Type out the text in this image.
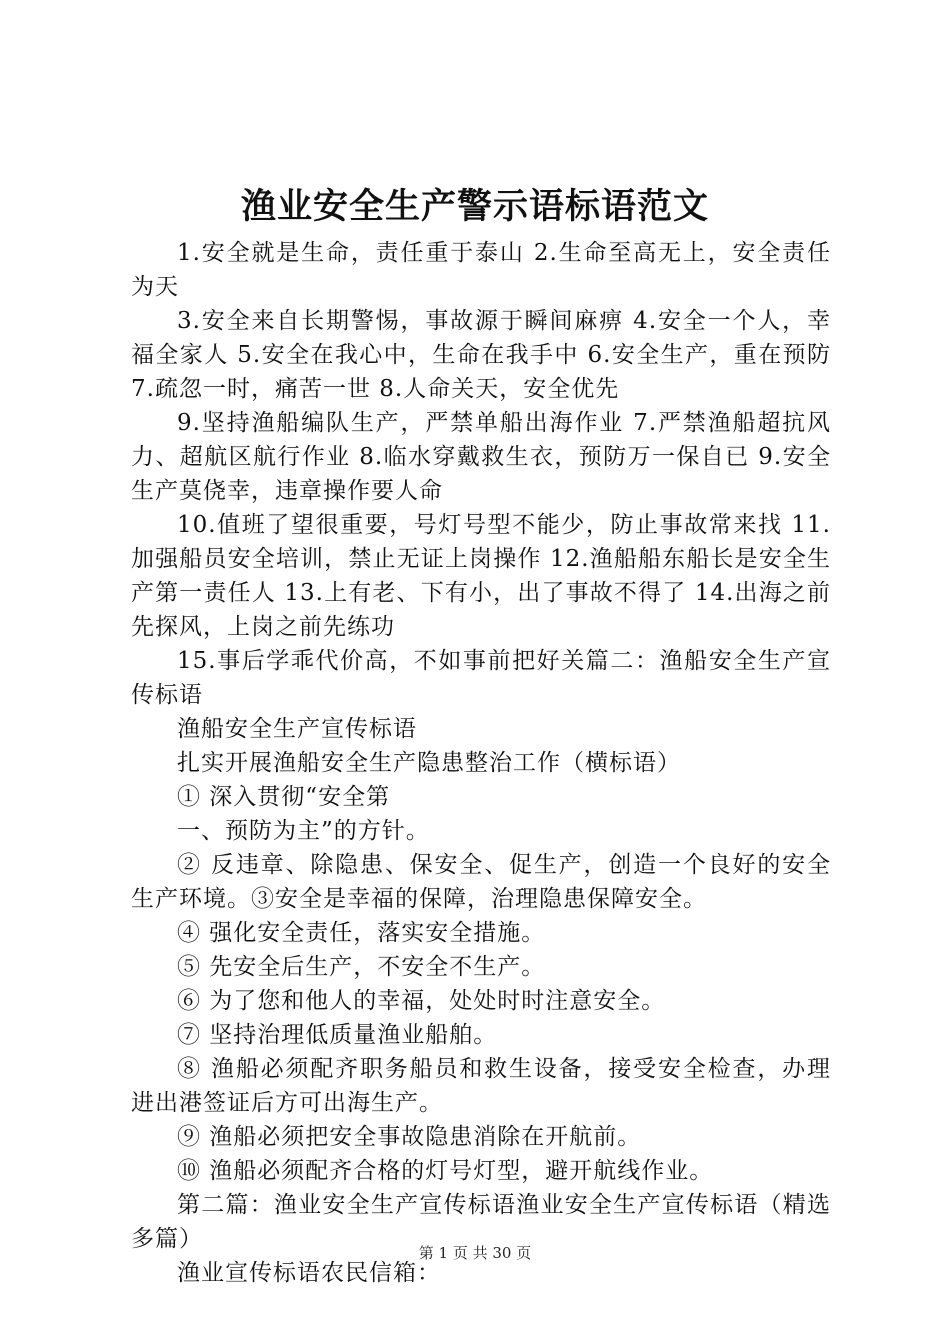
渔业安全生产警示语标语范文

1.安全就是生命，责任重于泰山 2.生命至高无上，安全责任为天

3.安全来自长期警惕，事故源于瞬间麻痹 4.安全一个人，幸福全家人 5.安全在我心中，生命在我手中 6.安全生产，重在预防 7.疏忽一时，痛苦一世 8.人命关天，安全优先

9.坚持渔船编队生产，严禁单船出海作业 7.严禁渔船超抗风力、超航区航行作业 8.临水穿戴救生衣，预防万一保自已 9.安全生产莫侥幸，违章操作要人命

10.值班了望很重要，号灯号型不能少，防止事故常来找 11.加强船员安全培训，禁止无证上岗操作 12.渔船船东船长是安全生产第一责任人 13.上有老、下有小，出了事故不得了 14.出海之前先探风，上岗之前先练功

15.事后学乖代价高，不如事前把好关篇二：渔船安全生产宣传标语

渔船安全生产宣传标语

扎实开展渔船安全生产隐患整治工作（横标语）

① 深入贯彻“安全第

一、预防为主”的方针。

② 反违章、除隐患、保安全、促生产，创造一个良好的安全生产环境。③安全是幸福的保障，治理隐患保障安全。

④ 强化安全责任，落实安全措施。

⑤ 先安全后生产，不安全不生产。

⑥ 为了您和他人的幸福，处处时时注意安全。

⑦ 坚持治理低质量渔业船舶。

⑧ 渔船必须配齐职务船员和救生设备，接受安全检查，办理进出港签证后方可出海生产。

⑨ 渔船必须把安全事故隐患消除在开航前。

⑩ 渔船必须配齐合格的灯号灯型，避开航线作业。

第二篇：渔业安全生产宣传标语渔业安全生产宣传标语（精选多篇）

渔业宣传标语农民信箱：

第 1 页 共 30 页
